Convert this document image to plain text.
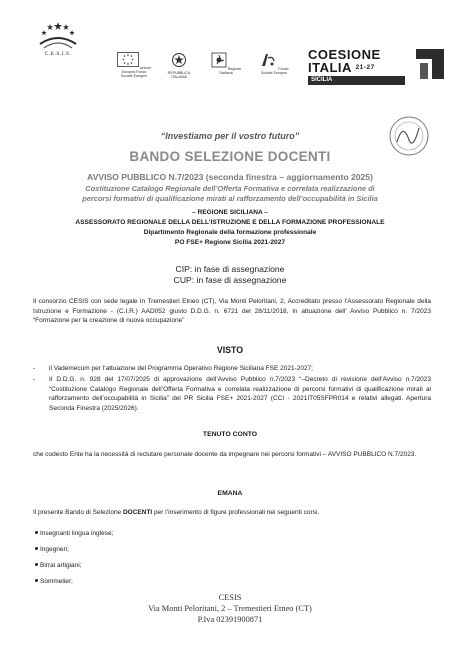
C.E.S.I.S.
Unione Europea Fondo Sociale Europeo
REPUBBLICA ITALIANA
Regione Siciliana
Fondo Sociale Europeo
COESIONE
ITALIA $^{21-27}$
SICILIA
“Investiamo per il vostro futuro”
BANDO SELEZIONE DOCENTI
AVVISO PUBBLICO N.7/2023 (seconda finestra – aggiornamento 2025)
Costituzione Catalogo Regionale dell’Offerta Formativa e correlata realizzazione di
percorsi formativi di qualificazione mirati al rafforzamento dell’occupabilità in Sicilia
– REGIONE SICILIANA –
ASSESSORATO REGIONALE DELLA DELL’ISTRUZIONE E DELLA FORMAZIONE PROFESSIONALE
Dipartimento Regionale della formazione professionale
PO FSE+ Regione Sicilia 2021-2027
CIP: in fase di assegnazione
CUP: in fase di assegnazione
Il consorzio CESIS con sede legale in Tremestieri Etneo (CT), Via Monti Peloritani, 2, Accreditato presso l’Assessorato Regionale della Istruzione e Formazione - (C.I.R.) AAD052 giusto D.D.G. n. 6721 del 28/11/2018, in attuazione dell’ Avviso Pubblico n. 7/2023 “Formazione per la creazione di nuova occupazione”
VISTO
- il Vademecum per l’attuazione del Programma Operativo Regione Siciliana FSE 2021-2027;
- Il D.D.G. n. 928 del 17/07/2025 di approvazione dell’Avviso Pubblico n.7/2023 “–Decreto di revisione dell’Avviso n.7/2023 “Costituzione Catalogo Regionale dell’Offerta Formativa e correlata realizzazione di percorsi formativi di qualificazione mirati al rafforzamento dell’occupabilità in Sicilia” del PR Sicilia FSE+ 2021-2027 (CCI - 2021IT05SFPR014 e relativi allegati. Apertura Seconda Finestra (2025/2026).
TENUTO CONTO
che codesto Ente ha la necessità di reclutare personale docente da impegnare nei percorsi formativi – AVVISO PUBBLICO N.7/2023.
EMANA
Il presente Bando di Selezione DOCENTI per l’inserimento di figure professionali nei seguenti corsi.
Insegnanti lingua inglese;
Ingegneri;
Birrai artigiani;
Sommelier;
CESIS
Via Monti Peloritani, 2 – Tremestieri Etneo (CT)
P.Iva 02391900871
